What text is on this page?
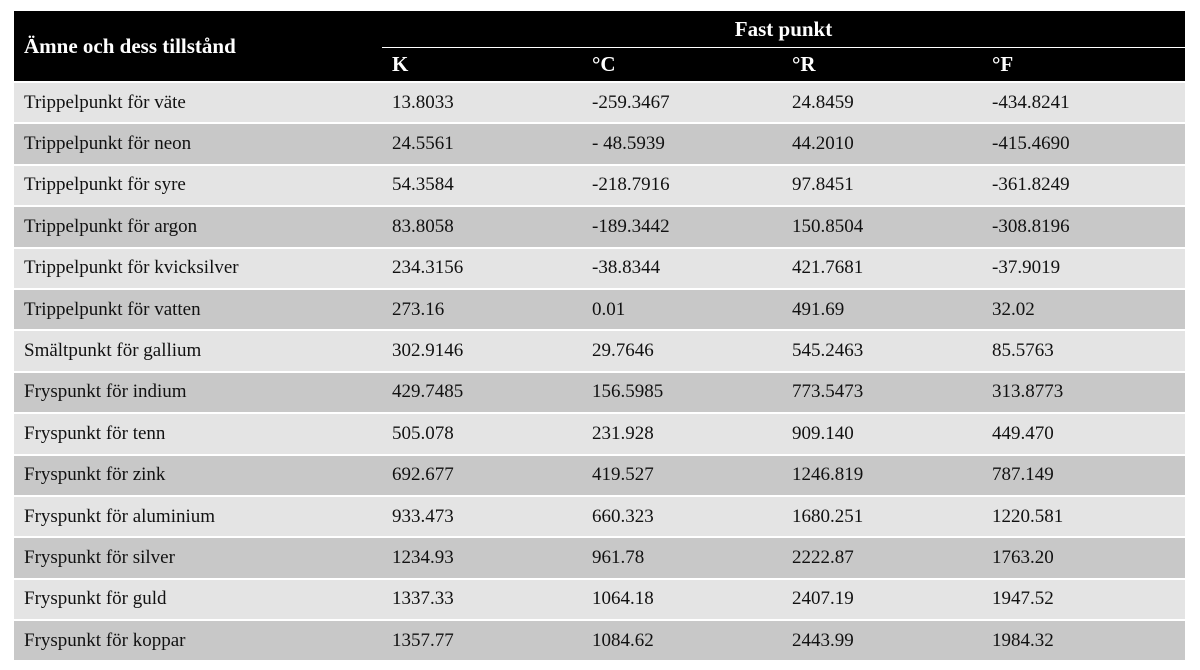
Ämne och dess tillstånd	Fast punkt			
	K	°C	°R	°F
Trippelpunkt för väte	13.8033	-259.3467	24.8459	-434.8241
Trippelpunkt för neon	24.5561	- 48.5939	44.2010	-415.4690
Trippelpunkt för syre	54.3584	-218.7916	97.8451	-361.8249
Trippelpunkt för argon	83.8058	-189.3442	150.8504	-308.8196
Trippelpunkt för kvicksilver	234.3156	-38.8344	421.7681	-37.9019
Trippelpunkt för vatten	273.16	0.01	491.69	32.02
Smältpunkt för gallium	302.9146	29.7646	545.2463	85.5763
Fryspunkt för indium	429.7485	156.5985	773.5473	313.8773
Fryspunkt för tenn	505.078	231.928	909.140	449.470
Fryspunkt för zink	692.677	419.527	1246.819	787.149
Fryspunkt för aluminium	933.473	660.323	1680.251	1220.581
Fryspunkt för silver	1234.93	961.78	2222.87	1763.20
Fryspunkt för guld	1337.33	1064.18	2407.19	1947.52
Fryspunkt för koppar	1357.77	1084.62	2443.99	1984.32
